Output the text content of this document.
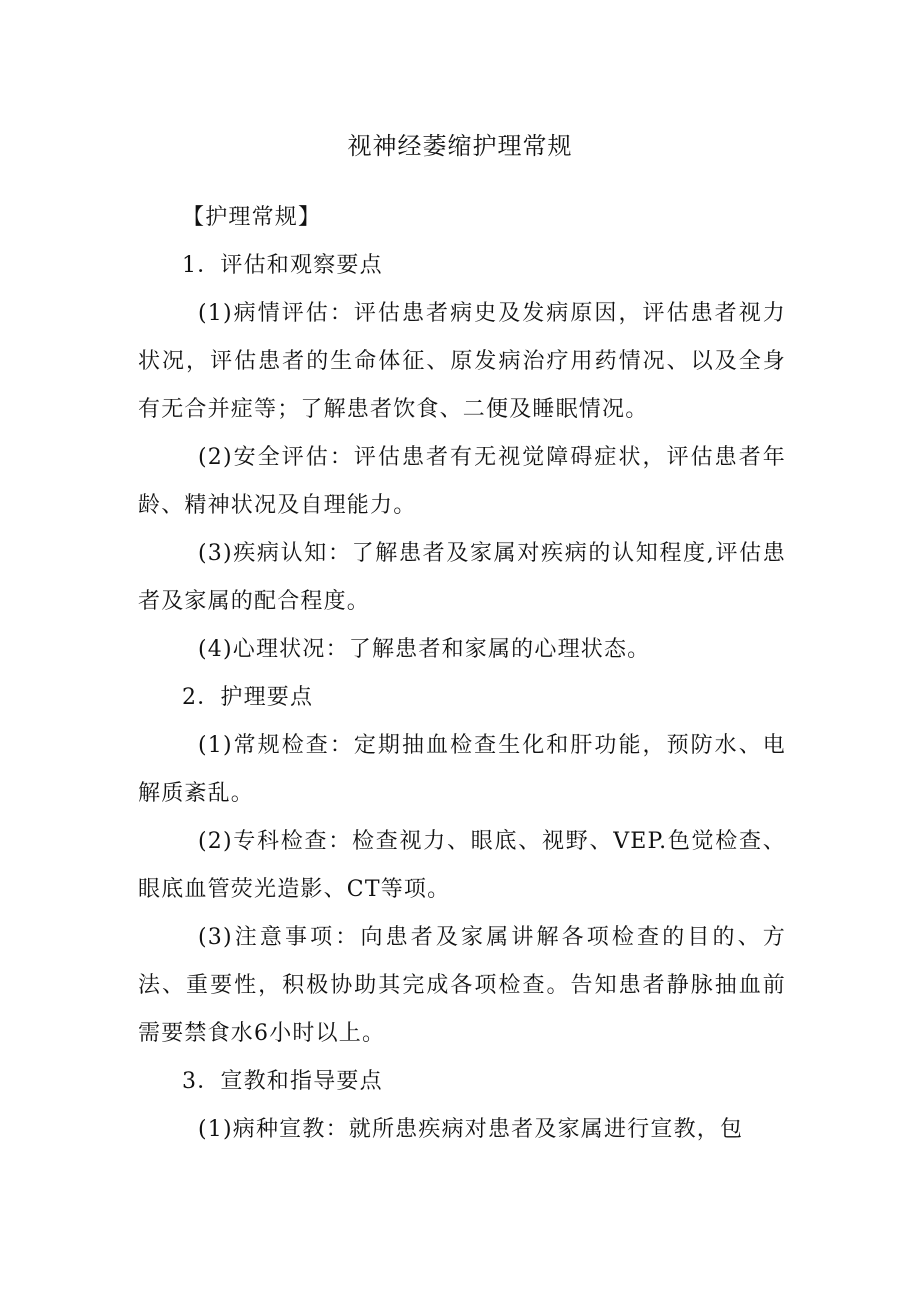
视神经萎缩护理常规

【护理常规】

1．评估和观察要点

(1)病情评估：评估患者病史及发病原因，评估患者视力状况，评估患者的生命体征、原发病治疗用药情况、以及全身有无合并症等；了解患者饮食、二便及睡眠情况。

(2)安全评估：评估患者有无视觉障碍症状，评估患者年龄、精神状况及自理能力。

(3)疾病认知：了解患者及家属对疾病的认知程度,评估患者及家属的配合程度。

(4)心理状况：了解患者和家属的心理状态。

2．护理要点

(1)常规检查：定期抽血检查生化和肝功能，预防水、电解质紊乱。

(2)专科检查：检查视力、眼底、视野、VEP.色觉检查、眼底血管荧光造影、CT等项。

(3)注意事项：向患者及家属讲解各项检查的目的、方法、重要性，积极协助其完成各项检查。告知患者静脉抽血前需要禁食水6小时以上。

3．宣教和指导要点

(1)病种宣教：就所患疾病对患者及家属进行宣教，包
